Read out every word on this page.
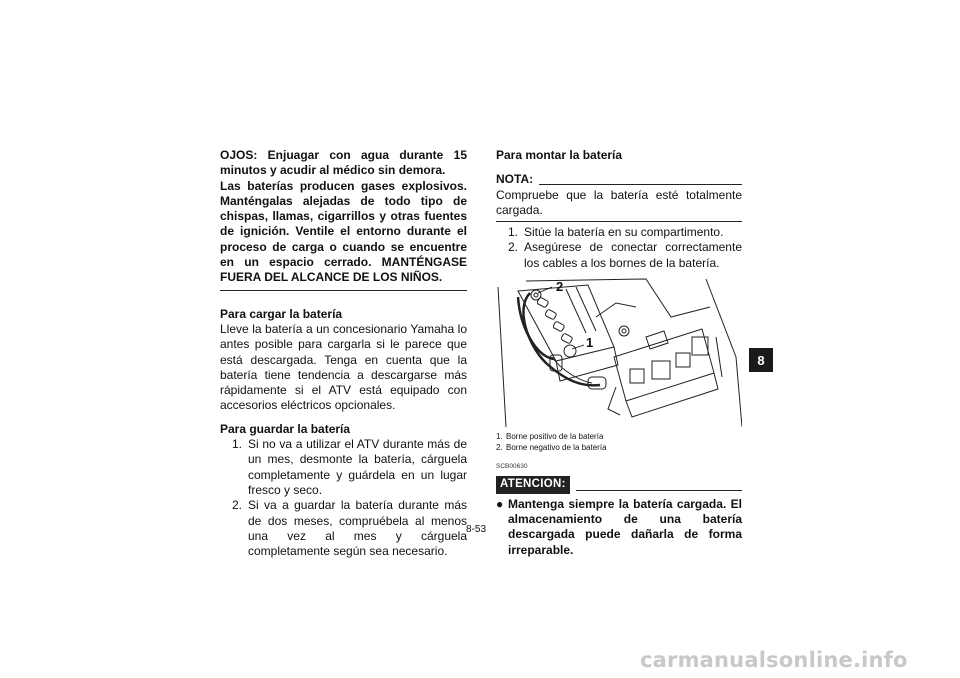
OJOS: Enjuagar con agua durante 15 minutos y acudir al médico sin demora.

Las baterías producen gases explosivos. Manténgalas alejadas de todo tipo de chispas, llamas, cigarrillos y otras fuentes de ignición. Ventile el entorno durante el proceso de carga o cuando se encuentre en un espacio cerrado. MANTÉNGASE FUERA DEL ALCANCE DE LOS NIÑOS.

Para cargar la batería

Lleve la batería a un concesionario Yamaha lo antes posible para cargarla si le parece que está descargada. Tenga en cuenta que la batería tiene tendencia a descargarse más rápidamente si el ATV está equipado con accesorios eléctricos opcionales.

Para guardar la batería

1. Si no va a utilizar el ATV durante más de un mes, desmonte la batería, cárguela completamente y guárdela en un lugar fresco y seco.
2. Si va a guardar la batería durante más de dos meses, compruébela al menos una vez al mes y cárguela completamente según sea necesario.

Para montar la batería

NOTA:

Compruebe que la batería esté totalmente cargada.

1. Sitúe la batería en su compartimento.
2. Asegúrese de conectar correctamente los cables a los bornes de la batería.
2
1
1. Borne positivo de la batería
2. Borne negativo de la batería
SCB00630
ATENCION:
● Mantenga siempre la batería cargada. El almacenamiento de una batería descargada puede dañarla de forma irreparable.
8-53
8
carmanualsonline.info
